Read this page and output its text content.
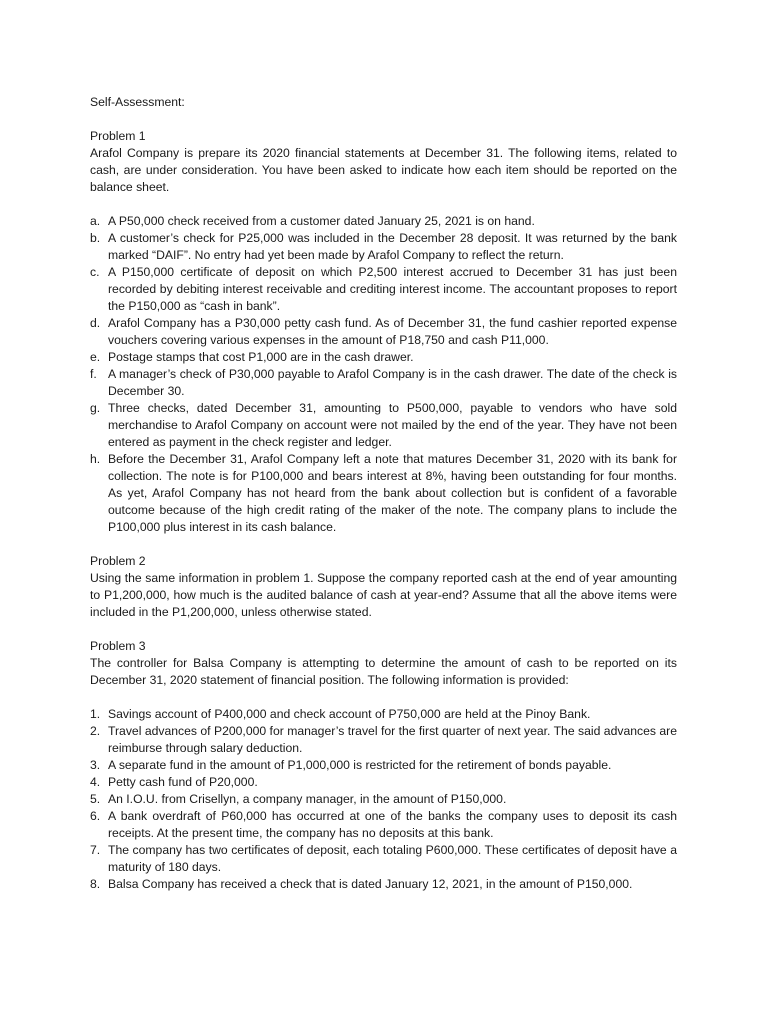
Self-Assessment:
Problem 1

Arafol Company is prepare its 2020 financial statements at December 31. The following items, related to cash, are under consideration. You have been asked to indicate how each item should be reported on the balance sheet.

a. A P50,000 check received from a customer dated January 25, 2021 is on hand.
b. A customer’s check for P25,000 was included in the December 28 deposit. It was returned by the bank marked “DAIF”. No entry had yet been made by Arafol Company to reflect the return.
c. A P150,000 certificate of deposit on which P2,500 interest accrued to December 31 has just been recorded by debiting interest receivable and crediting interest income. The accountant proposes to report the P150,000 as “cash in bank”.
d. Arafol Company has a P30,000 petty cash fund. As of December 31, the fund cashier reported expense vouchers covering various expenses in the amount of P18,750 and cash P11,000.
e. Postage stamps that cost P1,000 are in the cash drawer.
f. A manager’s check of P30,000 payable to Arafol Company is in the cash drawer. The date of the check is December 30.
g. Three checks, dated December 31, amounting to P500,000, payable to vendors who have sold merchandise to Arafol Company on account were not mailed by the end of the year. They have not been entered as payment in the check register and ledger.
h. Before the December 31, Arafol Company left a note that matures December 31, 2020 with its bank for collection. The note is for P100,000 and bears interest at 8%, having been outstanding for four months. As yet, Arafol Company has not heard from the bank about collection but is confident of a favorable outcome because of the high credit rating of the maker of the note. The company plans to include the P100,000 plus interest in its cash balance.
Problem 2

Using the same information in problem 1. Suppose the company reported cash at the end of year amounting to P1,200,000, how much is the audited balance of cash at year-end? Assume that all the above items were included in the P1,200,000, unless otherwise stated.

Problem 3

The controller for Balsa Company is attempting to determine the amount of cash to be reported on its December 31, 2020 statement of financial position. The following information is provided:

1. Savings account of P400,000 and check account of P750,000 are held at the Pinoy Bank.
2. Travel advances of P200,000 for manager’s travel for the first quarter of next year. The said advances are reimburse through salary deduction.
3. A separate fund in the amount of P1,000,000 is restricted for the retirement of bonds payable.
4. Petty cash fund of P20,000.
5. An I.O.U. from Crisellyn, a company manager, in the amount of P150,000.
6. A bank overdraft of P60,000 has occurred at one of the banks the company uses to deposit its cash receipts. At the present time, the company has no deposits at this bank.
7. The company has two certificates of deposit, each totaling P600,000. These certificates of deposit have a maturity of 180 days.
8. Balsa Company has received a check that is dated January 12, 2021, in the amount of P150,000.
